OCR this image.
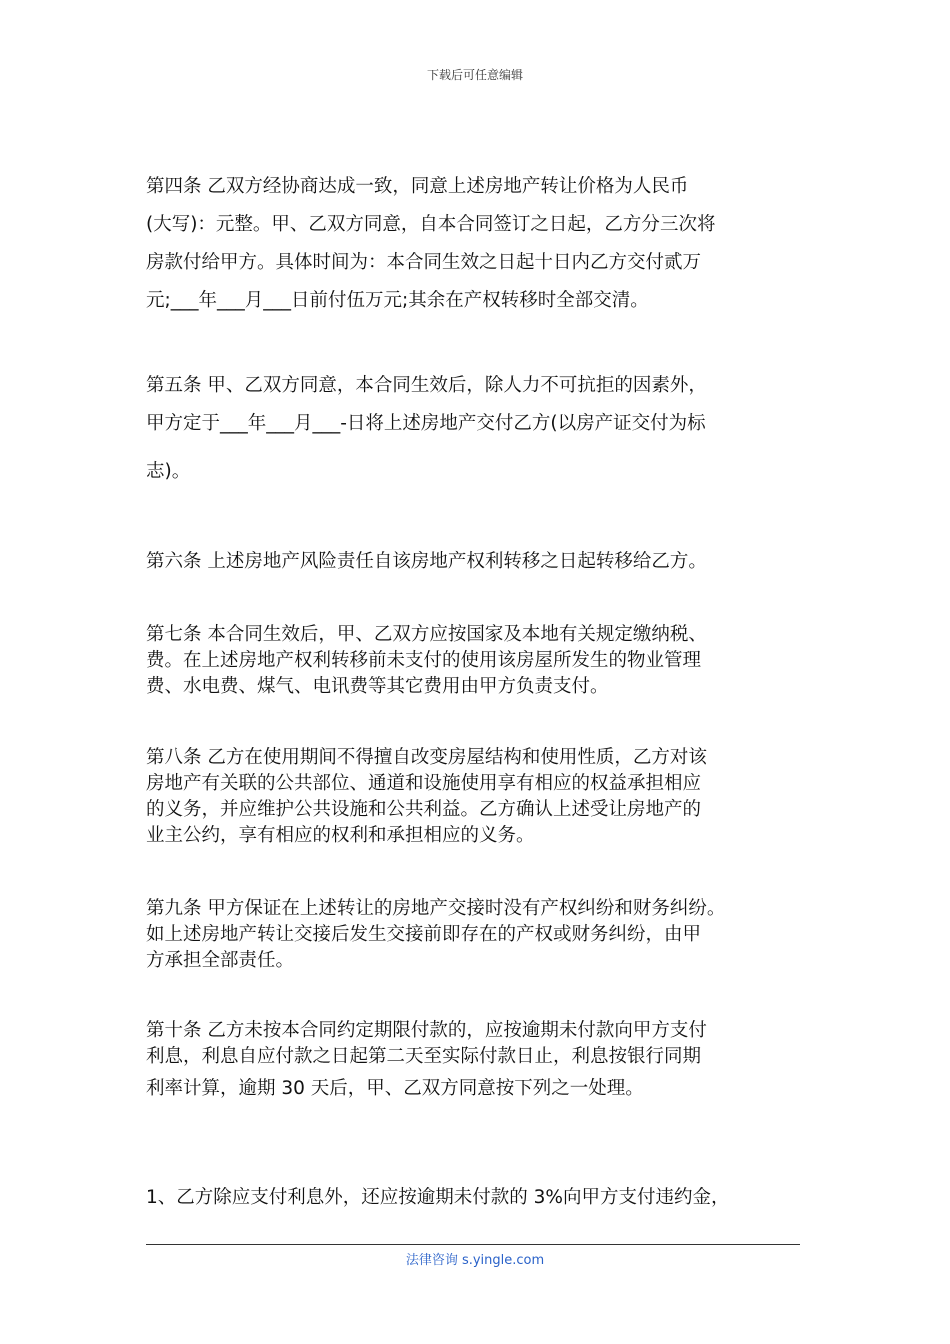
下载后可任意编辑
第四条 乙双方经协商达成一致，同意上述房地产转让价格为人民币
(大写)：元整。甲、乙双方同意，自本合同签订之日起，乙方分三次将
房款付给甲方。具体时间为：本合同生效之日起十日内乙方交付贰万
元;___年___月___日前付伍万元;其余在产权转移时全部交清。
第五条 甲、乙双方同意，本合同生效后，除人力不可抗拒的因素外，
甲方定于___年___月___-日将上述房地产交付乙方(以房产证交付为标
志)。
第六条 上述房地产风险责任自该房地产权利转移之日起转移给乙方。
第七条 本合同生效后，甲、乙双方应按国家及本地有关规定缴纳税、
费。在上述房地产权利转移前未支付的使用该房屋所发生的物业管理
费、水电费、煤气、电讯费等其它费用由甲方负责支付。
第八条 乙方在使用期间不得擅自改变房屋结构和使用性质，乙方对该
房地产有关联的公共部位、通道和设施使用享有相应的权益承担相应
的义务，并应维护公共设施和公共利益。乙方确认上述受让房地产的
业主公约，享有相应的权利和承担相应的义务。
第九条 甲方保证在上述转让的房地产交接时没有产权纠纷和财务纠纷。
如上述房地产转让交接后发生交接前即存在的产权或财务纠纷，由甲
方承担全部责任。
第十条 乙方未按本合同约定期限付款的，应按逾期未付款向甲方支付
利息，利息自应付款之日起第二天至实际付款日止，利息按银行同期
利率计算，逾期 30 天后，甲、乙双方同意按下列之一处理。
1、乙方除应支付利息外，还应按逾期未付款的 3%向甲方支付违约金，
法律咨询 s.yingle.com
